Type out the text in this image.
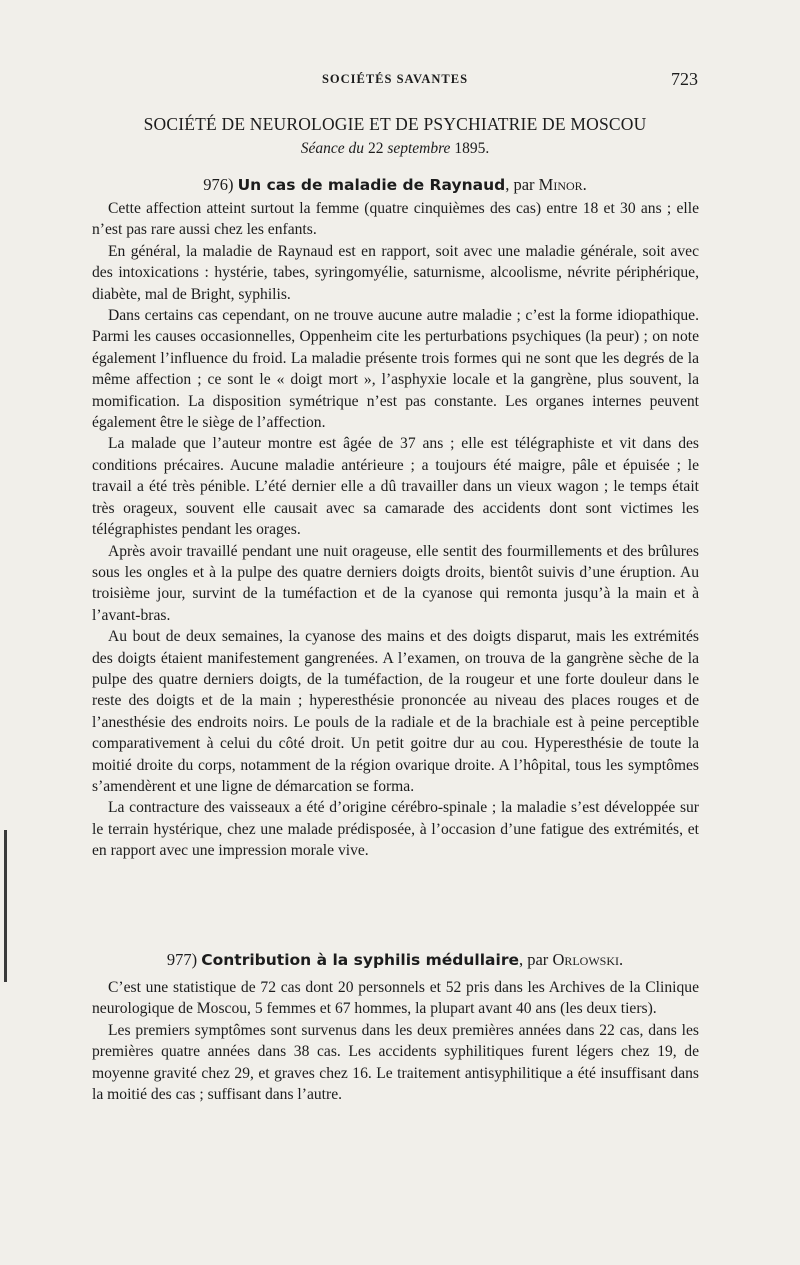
SOCIÉTÉS SAVANTES	723
SOCIÉTÉ DE NEUROLOGIE ET DE PSYCHIATRIE DE MOSCOU
Séance du 22 septembre 1895.
976) Un cas de maladie de Raynaud, par Minor.

Cette affection atteint surtout la femme (quatre cinquièmes des cas) entre 18 et 30 ans ; elle n’est pas rare aussi chez les enfants.

En général, la maladie de Raynaud est en rapport, soit avec une maladie générale, soit avec des intoxications : hystérie, tabes, syringomyélie, saturnisme, alcoolisme, névrite périphérique, diabète, mal de Bright, syphilis.

Dans certains cas cependant, on ne trouve aucune autre maladie ; c’est la forme idiopathique. Parmi les causes occasionnelles, Oppenheim cite les perturbations psychiques (la peur) ; on note également l’influence du froid. La maladie présente trois formes qui ne sont que les degrés de la même affection ; ce sont le « doigt mort », l’asphyxie locale et la gangrène, plus souvent, la momification. La disposition symétrique n’est pas constante. Les organes internes peuvent également être le siège de l’affection.

La malade que l’auteur montre est âgée de 37 ans ; elle est télégraphiste et vit dans des conditions précaires. Aucune maladie antérieure ; a toujours été maigre, pâle et épuisée ; le travail a été très pénible. L’été dernier elle a dû travailler dans un vieux wagon ; le temps était très orageux, souvent elle causait avec sa camarade des accidents dont sont victimes les télégraphistes pendant les orages.

Après avoir travaillé pendant une nuit orageuse, elle sentit des fourmillements et des brûlures sous les ongles et à la pulpe des quatre derniers doigts droits, bientôt suivis d’une éruption. Au troisième jour, survint de la tuméfaction et de la cyanose qui remonta jusqu’à la main et à l’avant-bras.

Au bout de deux semaines, la cyanose des mains et des doigts disparut, mais les extrémités des doigts étaient manifestement gangrenées. A l’examen, on trouva de la gangrène sèche de la pulpe des quatre derniers doigts, de la tuméfaction, de la rougeur et une forte douleur dans le reste des doigts et de la main ; hyperesthésie prononcée au niveau des places rouges et de l’anesthésie des endroits noirs. Le pouls de la radiale et de la brachiale est à peine perceptible comparativement à celui du côté droit. Un petit goitre dur au cou. Hyperesthésie de toute la moitié droite du corps, notamment de la région ovarique droite. A l’hôpital, tous les symptômes s’amendèrent et une ligne de démarcation se forma.

La contracture des vaisseaux a été d’origine cérébro-spinale ; la maladie s’est développée sur le terrain hystérique, chez une malade prédisposée, à l’occasion d’une fatigue des extrémités, et en rapport avec une impression morale vive.

977) Contribution à la syphilis médullaire, par Orlowski.

C’est une statistique de 72 cas dont 20 personnels et 52 pris dans les Archives de la Clinique neurologique de Moscou, 5 femmes et 67 hommes, la plupart avant 40 ans (les deux tiers).

Les premiers symptômes sont survenus dans les deux premières années dans 22 cas, dans les premières quatre années dans 38 cas. Les accidents syphilitiques furent légers chez 19, de moyenne gravité chez 29, et graves chez 16. Le traitement antisyphilitique a été insuffisant dans la moitié des cas ; suffisant dans l’autre.
